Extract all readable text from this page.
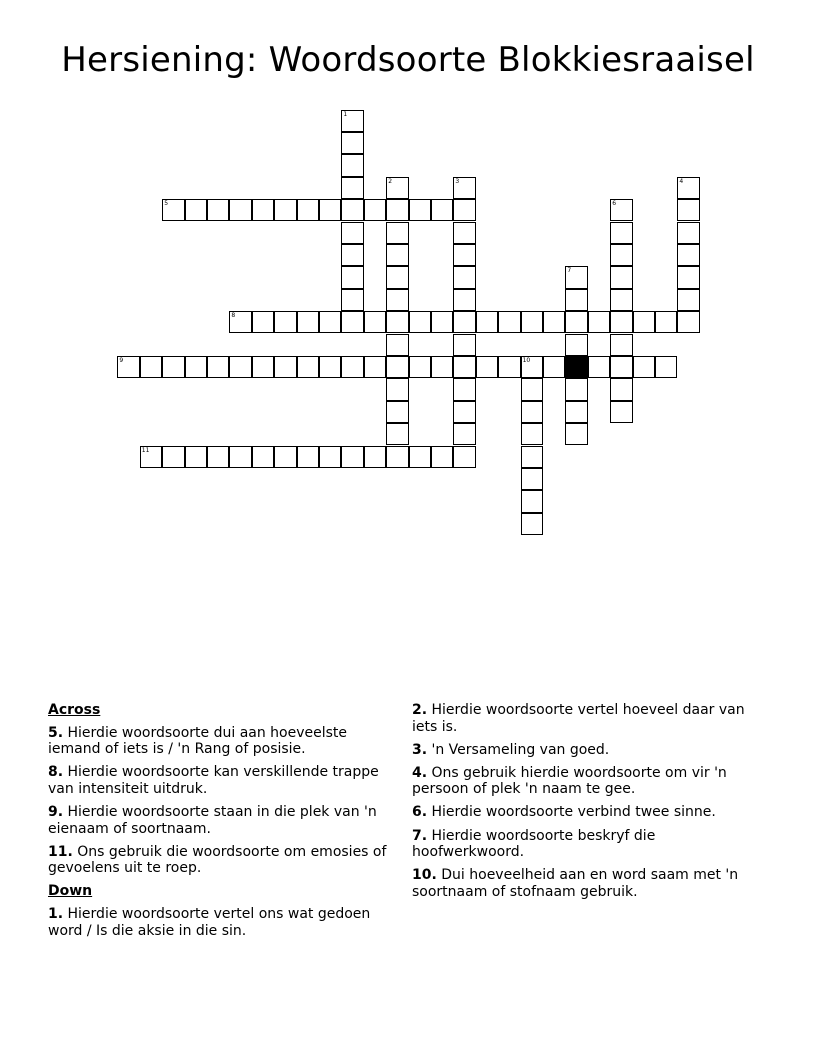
Hersiening: Woordsoorte Blokkiesraaisel
5
8
9	10
11
1
2	3	4
6
7
Across
5. Hierdie woordsoorte dui aan hoeveelste iemand of iets is / 'n Rang of posisie.
8. Hierdie woordsoorte kan verskillende trappe van intensiteit uitdruk.
9. Hierdie woordsoorte staan in die plek van 'n eienaam of soortnaam.
11. Ons gebruik die woordsoorte om emosies of gevoelens uit te roep.
Down
1. Hierdie woordsoorte vertel ons wat gedoen word / Is die aksie in die sin.
2. Hierdie woordsoorte vertel hoeveel daar van iets is.
3. 'n Versameling van goed.
4. Ons gebruik hierdie woordsoorte om vir 'n persoon of plek 'n naam te gee.
6. Hierdie woordsoorte verbind twee sinne.
7. Hierdie woordsoorte beskryf die hoofwerkwoord.
10. Dui hoeveelheid aan en word saam met 'n soortnaam of stofnaam gebruik.
